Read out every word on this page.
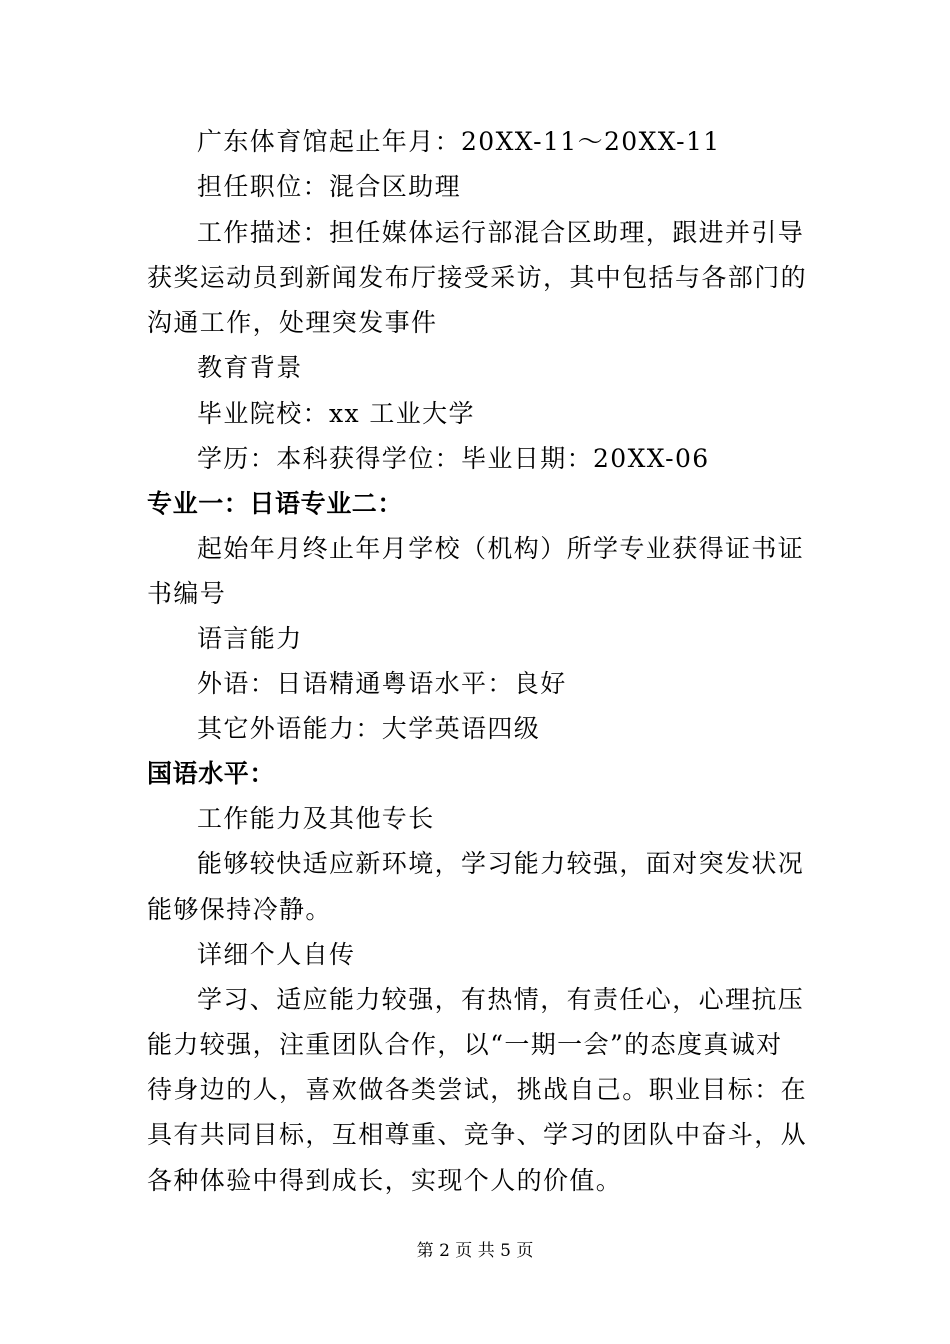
广东体育馆起止年月：20XX-11～20XX-11
担任职位：混合区助理
工作描述：担任媒体运行部混合区助理，跟进并引导
获奖运动员到新闻发布厅接受采访，其中包括与各部门的
沟通工作，处理突发事件
教育背景
毕业院校：xx 工业大学
学历：本科获得学位：毕业日期：20XX-06
专业一：日语专业二：
起始年月终止年月学校（机构）所学专业获得证书证
书编号
语言能力
外语：日语精通粤语水平：良好
其它外语能力：大学英语四级
国语水平：
工作能力及其他专长
能够较快适应新环境，学习能力较强，面对突发状况
能够保持冷静。
详细个人自传
学习、适应能力较强，有热情，有责任心，心理抗压
能力较强，注重团队合作，以“一期一会”的态度真诚对
待身边的人，喜欢做各类尝试，挑战自己。职业目标：在
具有共同目标，互相尊重、竞争、学习的团队中奋斗，从
各种体验中得到成长，实现个人的价值。
第 2 页 共 5 页
